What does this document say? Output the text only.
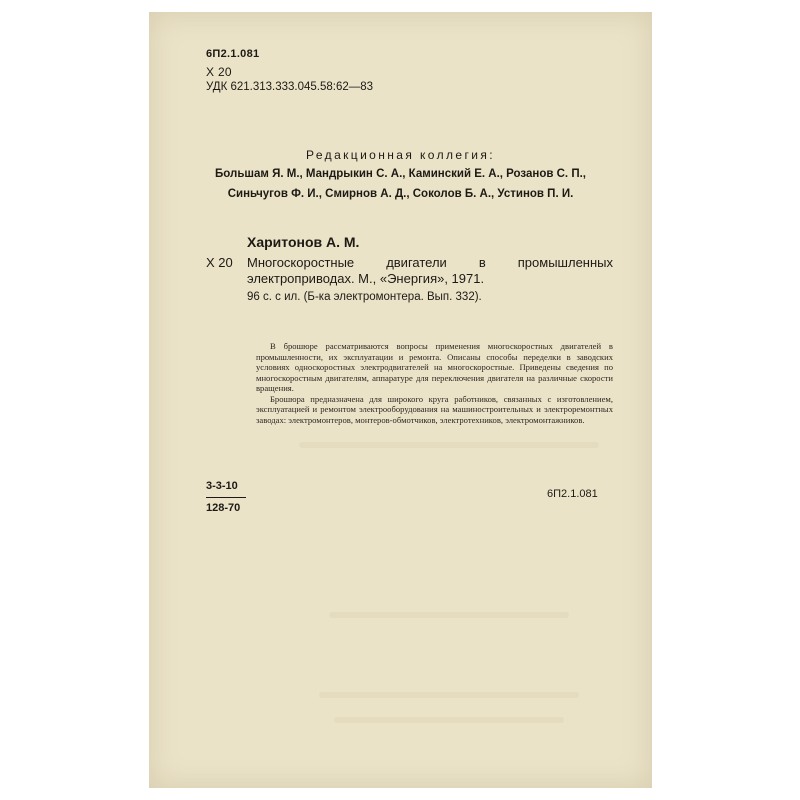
6П2.1.081
Х 20
УДК 621.313.333.045.58:62—83
Редакционная коллегия:
Большам Я. М., Мандрыкин С. А., Каминский Е. А., Розанов С. П.,
Синьчугов Ф. И., Смирнов А. Д., Соколов Б. А., Устинов П. И.
Харитонов А. М.
Х 20 Многоскоростные двигатели в промышленных
электроприводах. М., «Энергия», 1971.
96 с. с ил. (Б-ка электромонтера. Вып. 332).

В брошюре рассматриваются вопросы применения многоскоростных двигателей в промышленности, их эксплуатации и ремонта. Описаны способы переделки в заводских условиях односкоростных электродвигателей на многоскоростные. Приведены сведения по многоскоростным двигателям, аппаратуре для переключения двигателя на различные скорости вращения.

Брошюра предназначена для широкого круга работников, связанных с изготовлением, эксплуатацией и ремонтом электрооборудования на машиностроительных и электроремонтных заводах: электромонтеров, монтеров-обмотчиков, электротехников, электромонтажников.

3-3-10
128-70
6П2.1.081
